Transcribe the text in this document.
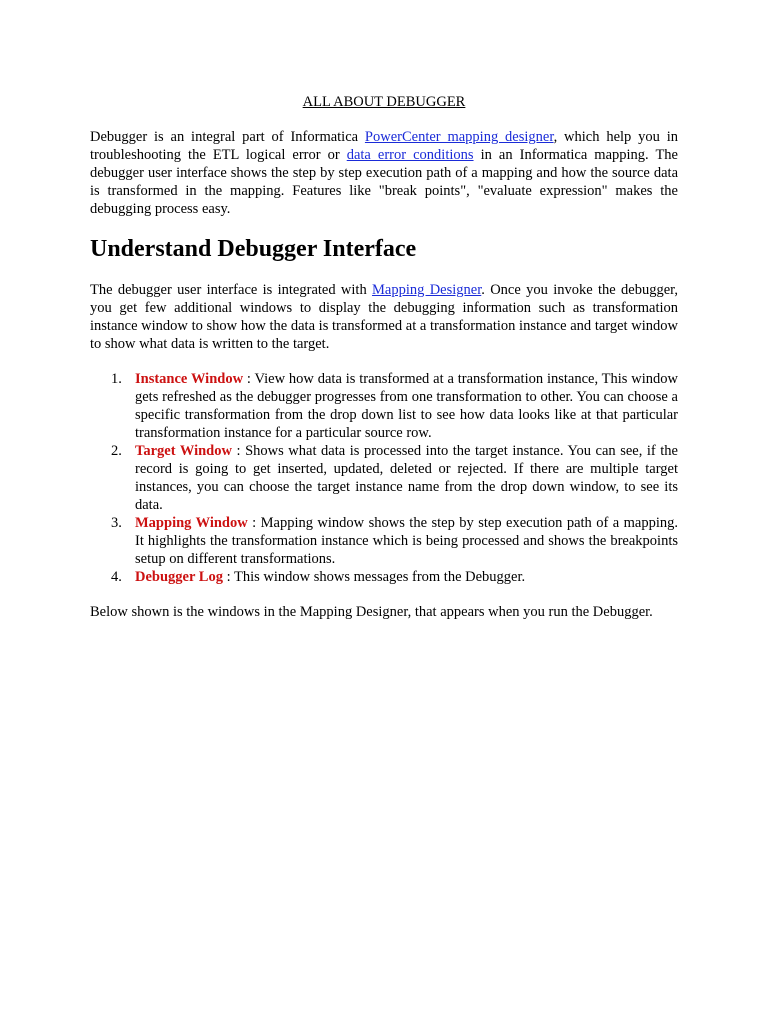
ALL ABOUT DEBUGGER

Debugger is an integral part of Informatica PowerCenter mapping designer, which help you in troubleshooting the ETL logical error or data error conditions in an Informatica mapping. The debugger user interface shows the step by step execution path of a mapping and how the source data is transformed in the mapping. Features like "break points", "evaluate expression" makes the debugging process easy.

Understand Debugger Interface

The debugger user interface is integrated with Mapping Designer. Once you invoke the debugger, you get few additional windows to display the debugging information such as transformation instance window to show how the data is transformed at a transformation instance and target window to show what data is written to the target.

1. Instance Window : View how data is transformed at a transformation instance, This window gets refreshed as the debugger progresses from one transformation to other. You can choose a specific transformation from the drop down list to see how data looks like at that particular transformation instance for a particular source row.
2. Target Window : Shows what data is processed into the target instance. You can see, if the record is going to get inserted, updated, deleted or rejected. If there are multiple target instances, you can choose the target instance name from the drop down window, to see its data.
3. Mapping Window : Mapping window shows the step by step execution path of a mapping. It highlights the transformation instance which is being processed and shows the breakpoints setup on different transformations.
4. Debugger Log : This window shows messages from the Debugger.

Below shown is the windows in the Mapping Designer, that appears when you run the Debugger.
